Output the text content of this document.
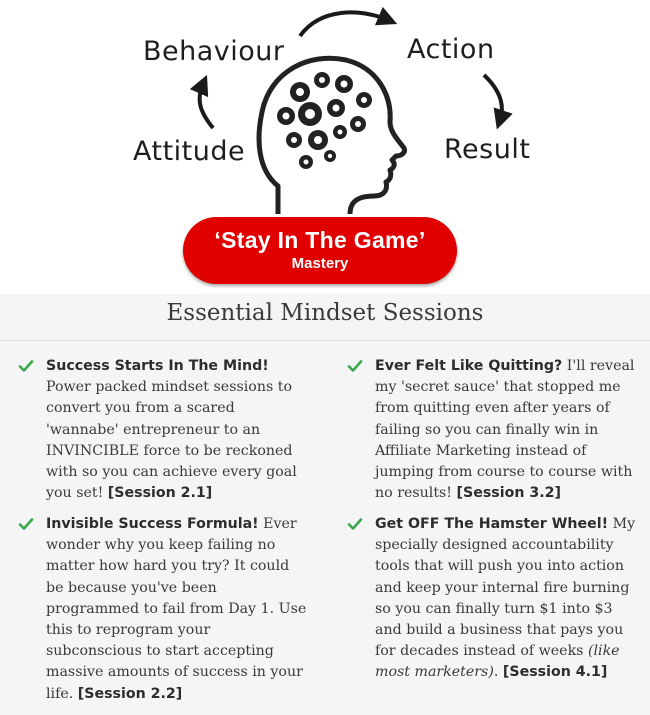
Behaviour	Action
Attitude	Result
‘Stay In The Game’
Mastery
Essential Mindset Sessions
Success Starts In The Mind! Power packed mindset sessions to convert you from a scared 'wannabe' entrepreneur to an INVINCIBLE force to be reckoned with so you can achieve every goal you set! [Session 2.1]
Ever Felt Like Quitting? I'll reveal my 'secret sauce' that stopped me from quitting even after years of failing so you can finally win in Affiliate Marketing instead of jumping from course to course with no results! [Session 3.2]
Invisible Success Formula! Ever wonder why you keep failing no matter how hard you try? It could be because you've been programmed to fail from Day 1. Use this to reprogram your subconscious to start accepting massive amounts of success in your life. [Session 2.2]
Get OFF The Hamster Wheel! My specially designed accountability tools that will push you into action and keep your internal fire burning so you can finally turn $1 into $3 and build a business that pays you for decades instead of weeks (like most marketers). [Session 4.1]
